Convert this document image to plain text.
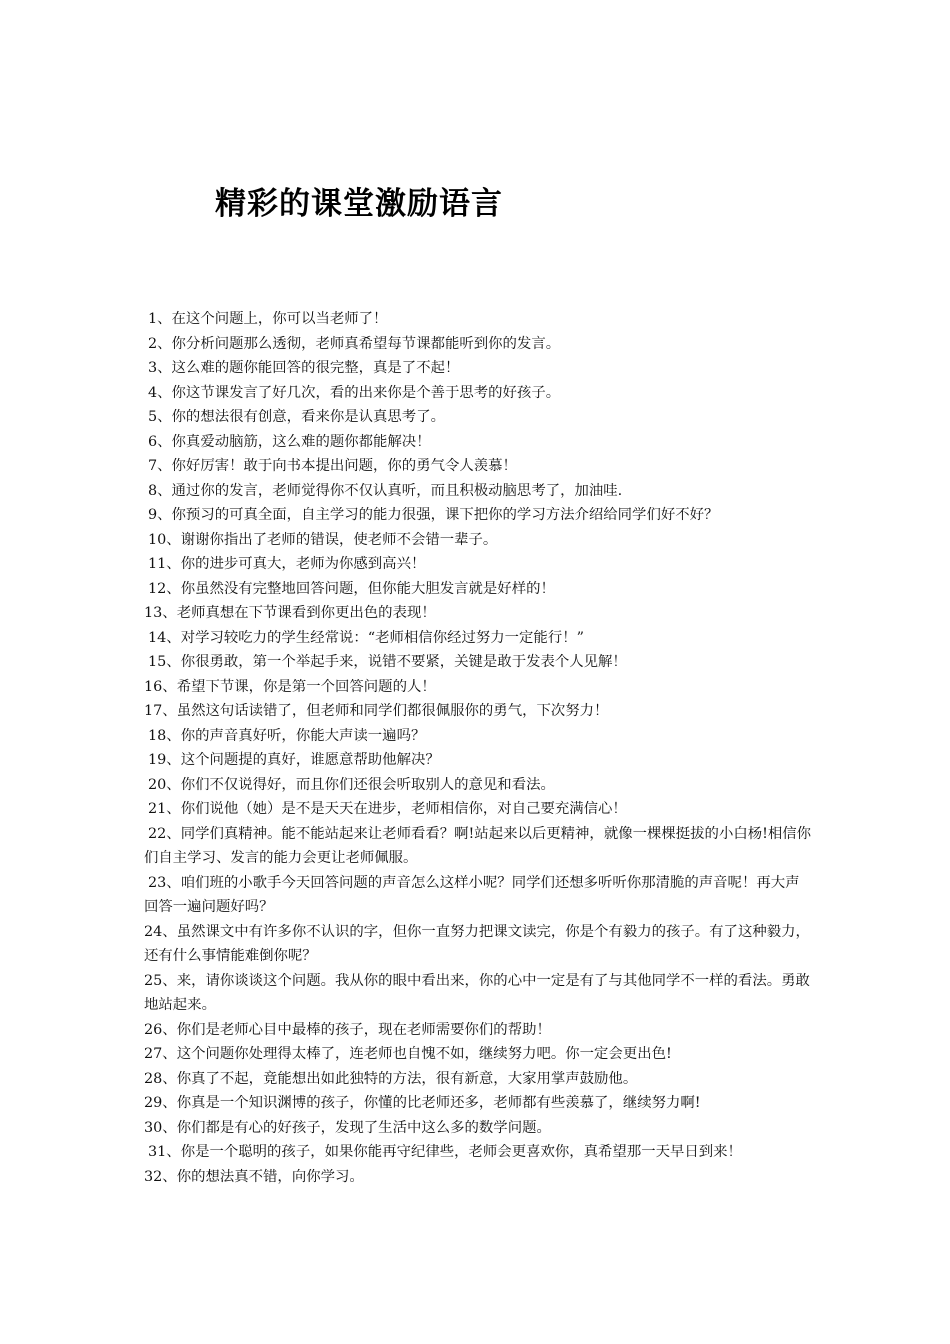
精彩的课堂激励语言

1、在这个问题上，你可以当老师了！

2、你分析问题那么透彻，老师真希望每节课都能听到你的发言。

3、这么难的题你能回答的很完整，真是了不起！

4、你这节课发言了好几次，看的出来你是个善于思考的好孩子。

5、你的想法很有创意，看来你是认真思考了。

6、你真爱动脑筋，这么难的题你都能解决！

7、你好厉害！敢于向书本提出问题，你的勇气令人羡慕！

8、通过你的发言，老师觉得你不仅认真听，而且积极动脑思考了，加油哇.

9、你预习的可真全面，自主学习的能力很强，课下把你的学习方法介绍给同学们好不好？

10、谢谢你指出了老师的错误，使老师不会错一辈子。

11、你的进步可真大，老师为你感到高兴！

12、你虽然没有完整地回答问题，但你能大胆发言就是好样的！

13、老师真想在下节课看到你更出色的表现！

14、对学习较吃力的学生经常说：“老师相信你经过努力一定能行！”

15、你很勇敢，第一个举起手来，说错不要紧，关键是敢于发表个人见解！

16、希望下节课，你是第一个回答问题的人！

17、虽然这句话读错了，但老师和同学们都很佩服你的勇气，下次努力！

18、你的声音真好听，你能大声读一遍吗？

19、这个问题提的真好，谁愿意帮助他解决？

20、你们不仅说得好，而且你们还很会听取别人的意见和看法。

21、你们说他（她）是不是天天在进步，老师相信你，对自己要充满信心！

22、同学们真精神。能不能站起来让老师看看？啊!站起来以后更精神，就像一棵棵挺拔的小白杨!相信你们自主学习、发言的能力会更让老师佩服。

23、咱们班的小歌手今天回答问题的声音怎么这样小呢？同学们还想多听听你那清脆的声音呢！再大声回答一遍问题好吗？

24、虽然课文中有许多你不认识的字，但你一直努力把课文读完，你是个有毅力的孩子。有了这种毅力，还有什么事情能难倒你呢？

25、来，请你谈谈这个问题。我从你的眼中看出来，你的心中一定是有了与其他同学不一样的看法。勇敢地站起来。

26、你们是老师心目中最棒的孩子，现在老师需要你们的帮助！

27、这个问题你处理得太棒了，连老师也自愧不如，继续努力吧。你一定会更出色!

28、你真了不起，竟能想出如此独特的方法，很有新意，大家用掌声鼓励他。

29、你真是一个知识渊博的孩子，你懂的比老师还多，老师都有些羡慕了，继续努力啊!

30、你们都是有心的好孩子，发现了生活中这么多的数学问题。

31、你是一个聪明的孩子，如果你能再守纪律些，老师会更喜欢你，真希望那一天早日到来！

32、你的想法真不错，向你学习。
